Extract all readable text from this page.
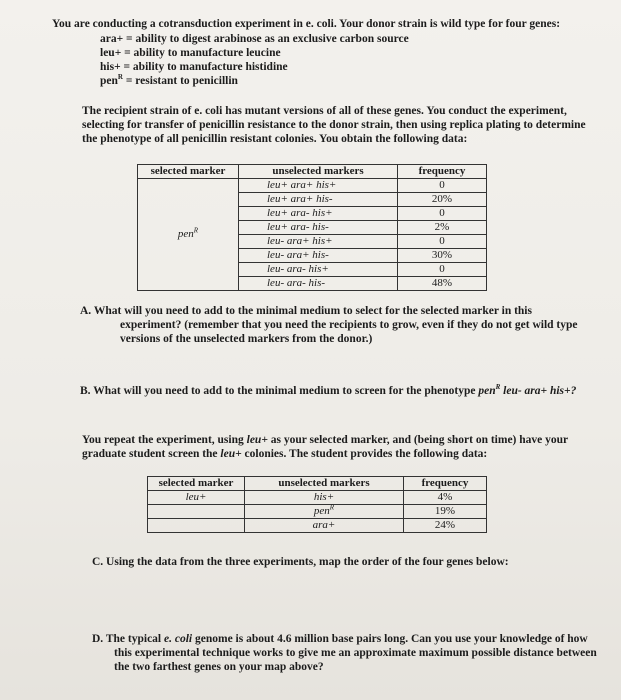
You are conducting a cotransduction experiment in e. coli. Your donor strain is wild type for four genes:
ara+ = ability to digest arabinose as an exclusive carbon source
leu+ = ability to manufacture leucine
his+ = ability to manufacture histidine
pen$^R$ = resistant to penicillin
The recipient strain of e. coli has mutant versions of all of these genes. You conduct the experiment,
selecting for transfer of penicillin resistance to the donor strain, then using replica plating to determine
the phenotype of all penicillin resistant colonies. You obtain the following data:
selected marker	unselected markers	frequency
pen$^R$	leu+ ara+ his+	0
	leu+ ara+ his-	20%
	leu+ ara- his+	0
	leu+ ara- his-	2%
	leu- ara+ his+	0
	leu- ara+ his-	30%
	leu- ara- his+	0
	leu- ara- his-	48%
A. What will you need to add to the minimal medium to select for the selected marker in this
experiment? (remember that you need the recipients to grow, even if they do not get wild type
versions of the unselected markers from the donor.)
B. What will you need to add to the minimal medium to screen for the phenotype pen$^R$ leu- ara+ his+?
You repeat the experiment, using leu+ as your selected marker, and (being short on time) have your
graduate student screen the leu+ colonies. The student provides the following data:
selected marker	unselected markers	frequency
leu+	his+	4%
	pen$^R$	19%
	ara+	24%
C. Using the data from the three experiments, map the order of the four genes below:
D. The typical e. coli genome is about 4.6 million base pairs long. Can you use your knowledge of how
this experimental technique works to give me an approximate maximum possible distance between
the two farthest genes on your map above?
